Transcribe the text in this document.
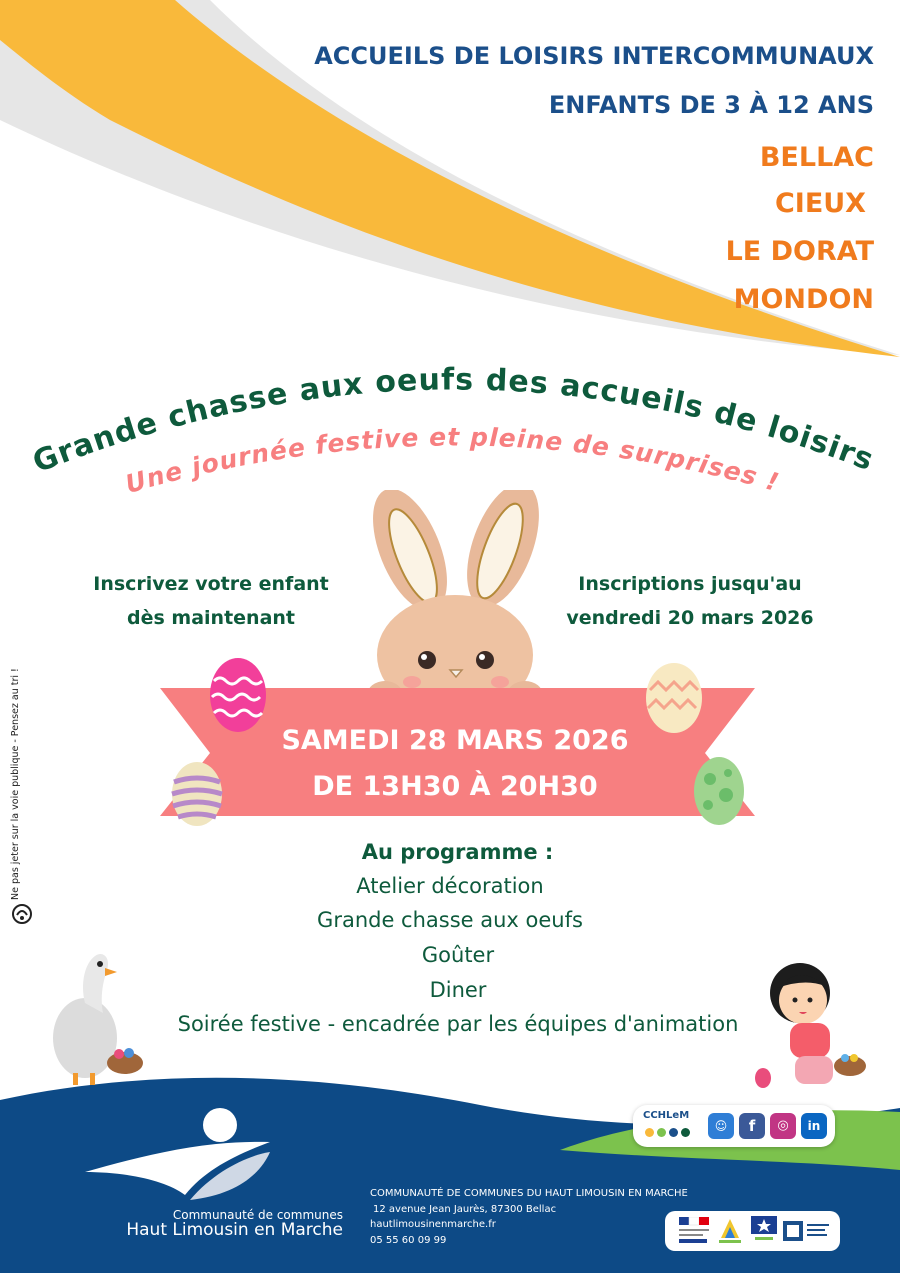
ACCUEILS DE LOISIRS INTERCOMMUNAUX
ENFANTS DE 3 À 12 ANS
BELLAC
CIEUX
LE DORAT
MONDON
Grande chasse aux oeufs des accueils de loisirs
Une journée festive et pleine de surprises !
Inscrivez votre enfant
dès maintenant
Inscriptions jusqu'au
vendredi 20 mars 2026
SAMEDI 28 MARS 2026
DE 13H30 À 20H30
Au programme :
Atelier décoration
Grande chasse aux oeufs
Goûter
Diner
Soirée festive - encadrée par les équipes d'animation
Ne pas jeter sur la voie publique - Pensez au tri !
CCHLeM
☺	f	◎	in
Communauté de communes
Haut Limousin en Marche
COMMUNAUTÉ DE COMMUNES DU HAUT LIMOUSIN EN MARCHE
12 avenue Jean Jaurès, 87300 Bellac
hautlimousinenmarche.fr
05 55 60 09 99
